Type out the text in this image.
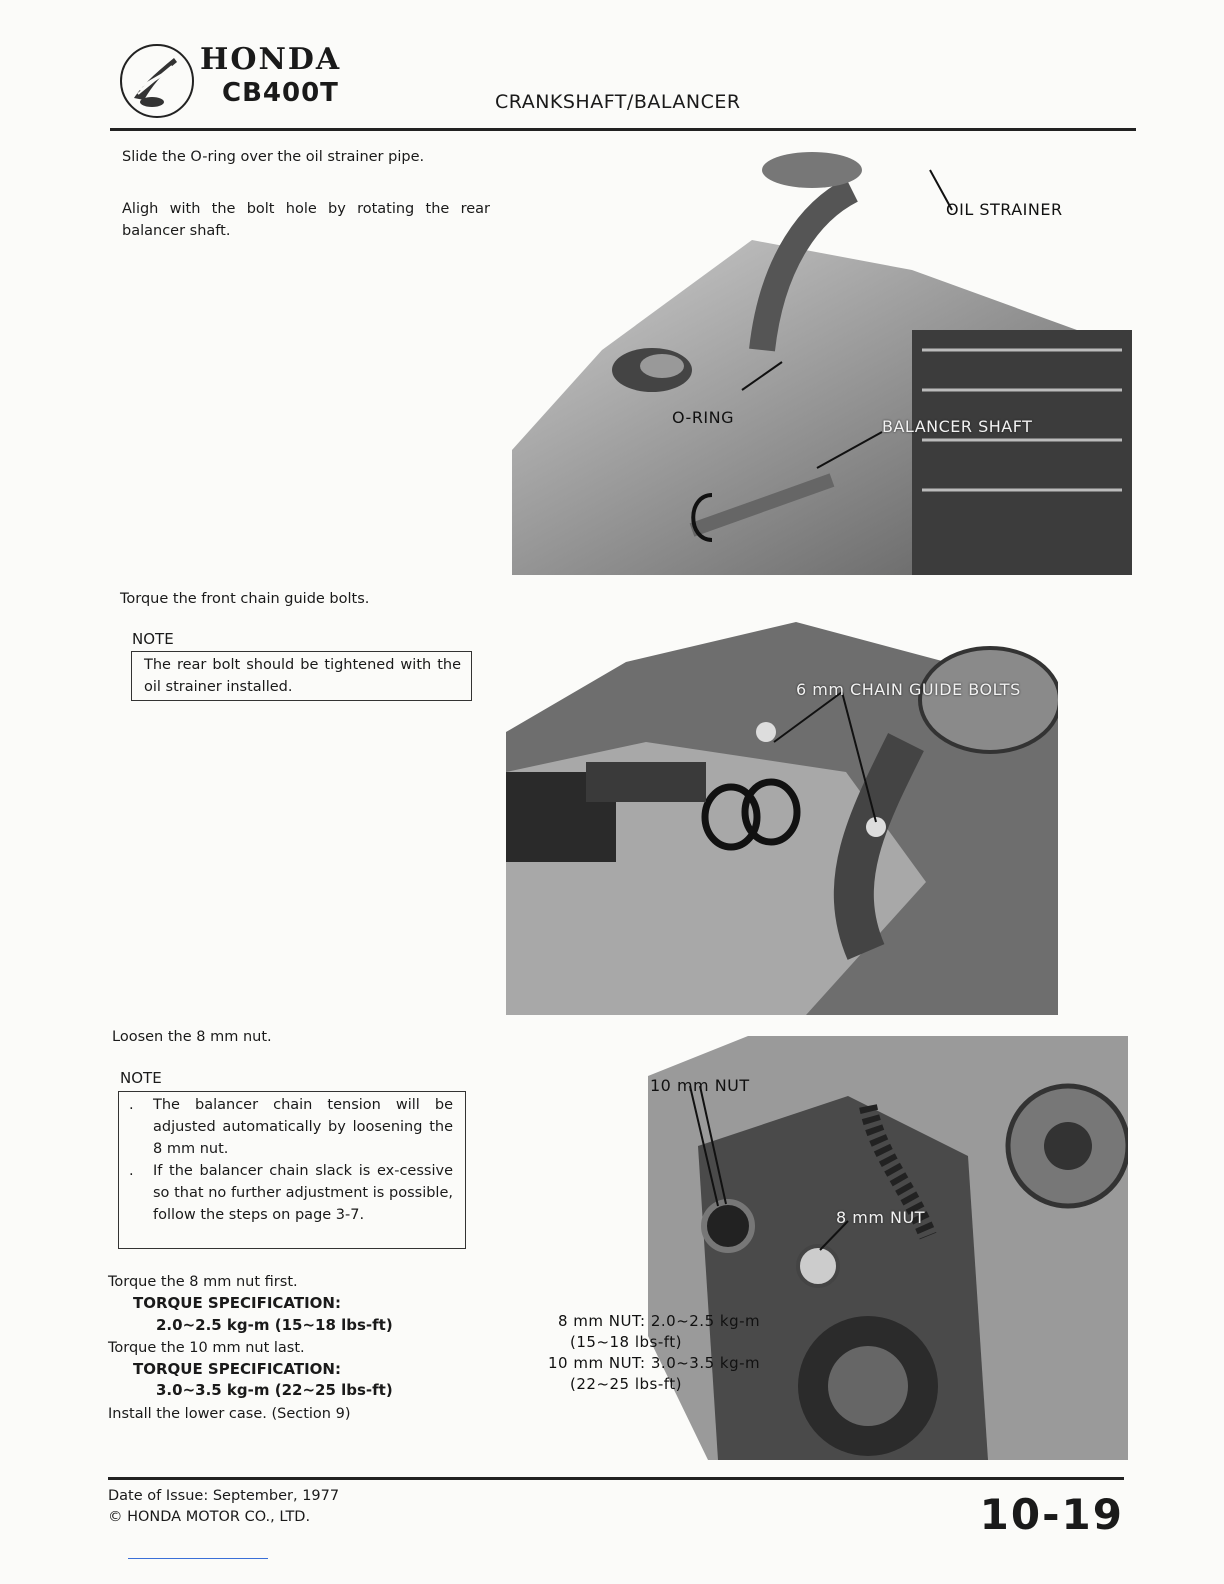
HONDA
CB400T	CRANKSHAFT/BALANCER
Slide the O-ring over the oil strainer pipe.
Aligh with the bolt hole by rotating the rear balancer shaft.
OIL STRAINER
O-RING	BALANCER SHAFT
Torque the front chain guide bolts.
NOTE
The rear bolt should be tightened with the oil strainer installed.	6 mm CHAIN GUIDE BOLTS
Loosen the 8 mm nut.
NOTE
.	The balancer chain tension will be adjusted automatically by loosening the 8 mm nut.
.	If the balancer chain slack is ex-cessive so that no further adjustment is possible, follow the steps on page 3-7.
Torque the 8 mm nut first.
TORQUE SPECIFICATION:
2.0~2.5 kg-m (15~18 lbs-ft)
Torque the 10 mm nut last.
TORQUE SPECIFICATION:
3.0~3.5 kg-m (22~25 lbs-ft)
Install the lower case. (Section 9)
10 mm NUT
8 mm NUT
8 mm NUT: 2.0~2.5 kg-m
(15~18 lbs-ft)
10 mm NUT: 3.0~3.5 kg-m
(22~25 lbs-ft)
Date of Issue: September, 1977
© HONDA MOTOR CO., LTD.	10-19
